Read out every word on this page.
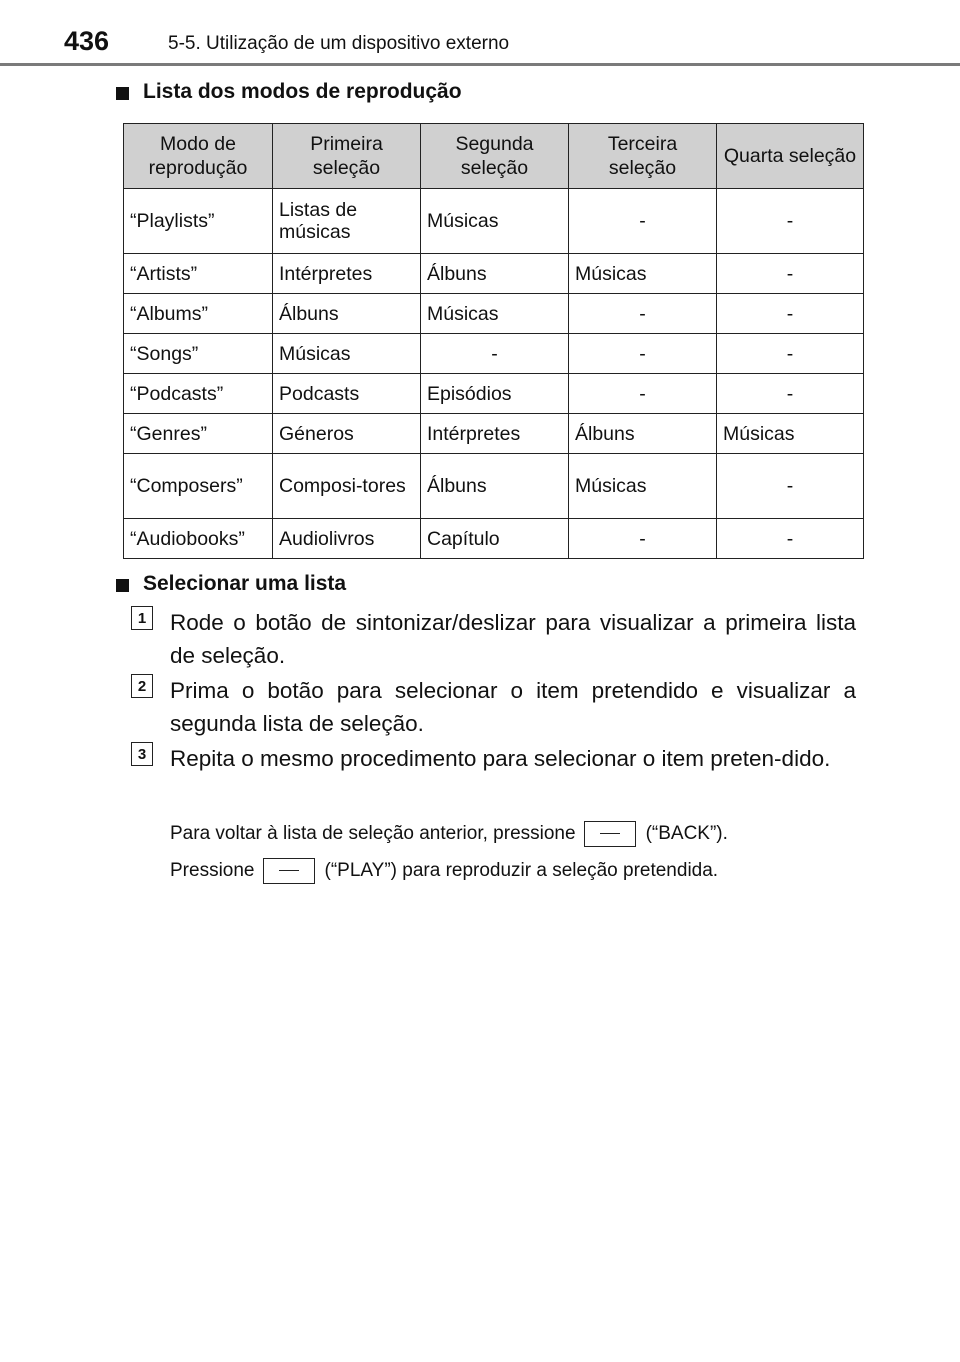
436	5-5. Utilização de um dispositivo externo
Lista dos modos de reprodução
Modo de reprodução	Primeira seleção	Segunda seleção	Terceira seleção	Quarta seleção
“Playlists”	Listas de músicas	Músicas	-	-
“Artists”	Intérpretes	Álbuns	Músicas	-
“Albums”	Álbuns	Músicas	-	-
“Songs”	Músicas	-	-	-
“Podcasts”	Podcasts	Episódios	-	-
“Genres”	Géneros	Intérpretes	Álbuns	Músicas
“Composers”	Composi-tores	Álbuns	Músicas	-
“Audiobooks”	Audiolivros	Capítulo	-	-
Selecionar uma lista
1	Rode o botão de sintonizar/deslizar para visualizar a primeira lista de seleção.
2	Prima o botão para selecionar o item pretendido e visualizar a segunda lista de seleção.
3	Repita o mesmo procedimento para selecionar o item preten-dido.
Para voltar à lista de seleção anterior, pressione	(“BACK”).
Pressione	(“PLAY”) para reproduzir a seleção pretendida.
